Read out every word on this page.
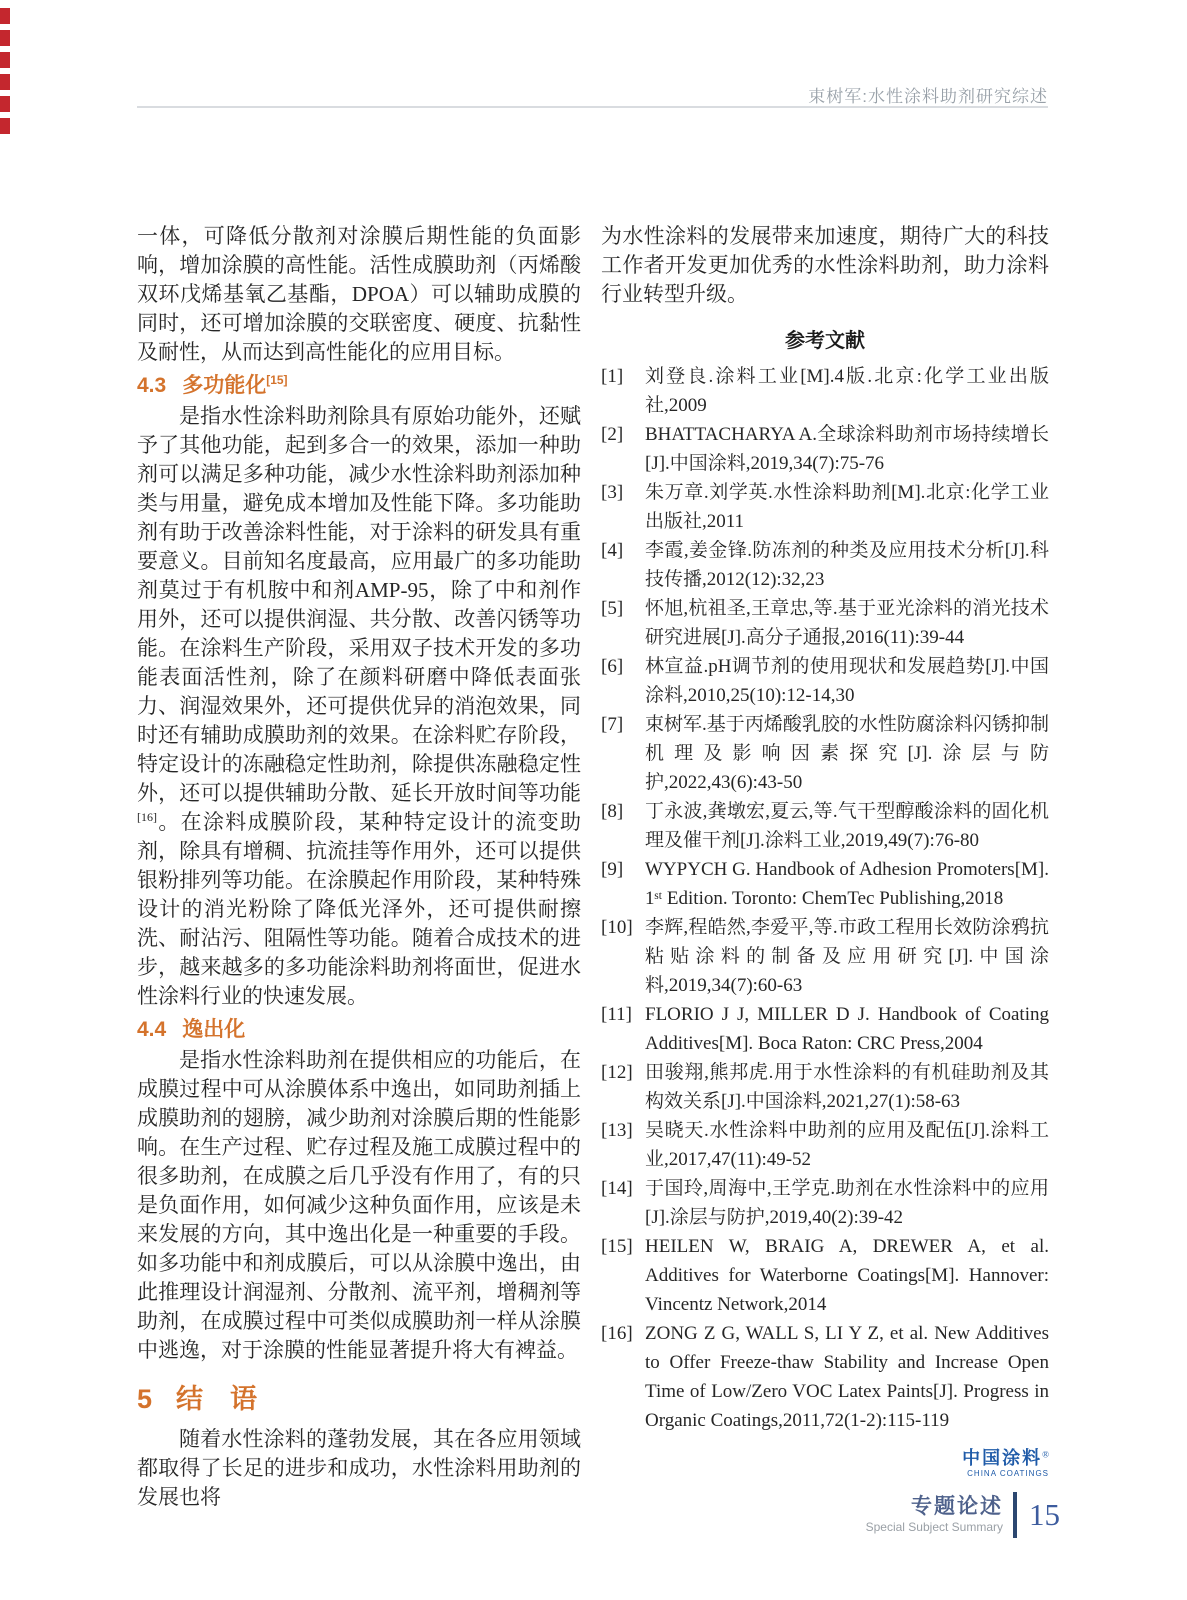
束树军:水性涂料助剂研究综述

一体，可降低分散剂对涂膜后期性能的负面影响，增加涂膜的高性能。活性成膜助剂（丙烯酸双环戊烯基氧乙基酯，DPOA）可以辅助成膜的同时，还可增加涂膜的交联密度、硬度、抗黏性及耐性，从而达到高性能化的应用目标。

4.3 多功能化[15]

是指水性涂料助剂除具有原始功能外，还赋予了其他功能，起到多合一的效果，添加一种助剂可以满足多种功能，减少水性涂料助剂添加种类与用量，避免成本增加及性能下降。多功能助剂有助于改善涂料性能，对于涂料的研发具有重要意义。目前知名度最高，应用最广的多功能助剂莫过于有机胺中和剂AMP-95，除了中和剂作用外，还可以提供润湿、共分散、改善闪锈等功能。在涂料生产阶段，采用双子技术开发的多功能表面活性剂，除了在颜料研磨中降低表面张力、润湿效果外，还可提供优异的消泡效果，同时还有辅助成膜助剂的效果。在涂料贮存阶段，特定设计的冻融稳定性助剂，除提供冻融稳定性外，还可以提供辅助分散、延长开放时间等功能[16]。在涂料成膜阶段，某种特定设计的流变助剂，除具有增稠、抗流挂等作用外，还可以提供银粉排列等功能。在涂膜起作用阶段，某种特殊设计的消光粉除了降低光泽外，还可提供耐擦洗、耐沾污、阻隔性等功能。随着合成技术的进步，越来越多的多功能涂料助剂将面世，促进水性涂料行业的快速发展。

4.4 逸出化

是指水性涂料助剂在提供相应的功能后，在成膜过程中可从涂膜体系中逸出，如同助剂插上成膜助剂的翅膀，减少助剂对涂膜后期的性能影响。在生产过程、贮存过程及施工成膜过程中的很多助剂，在成膜之后几乎没有作用了，有的只是负面作用，如何减少这种负面作用，应该是未来发展的方向，其中逸出化是一种重要的手段。如多功能中和剂成膜后，可以从涂膜中逸出，由此推理设计润湿剂、分散剂、流平剂，增稠剂等助剂，在成膜过程中可类似成膜助剂一样从涂膜中逃逸，对于涂膜的性能显著提升将大有裨益。

5 结　语

随着水性涂料的蓬勃发展，其在各应用领域都取得了长足的进步和成功，水性涂料用助剂的发展也将

为水性涂料的发展带来加速度，期待广大的科技工作者开发更加优秀的水性涂料助剂，助力涂料行业转型升级。

参考文献
[1]	刘登良.涂料工业[M].4版.北京:化学工业出版社,2009
[2]	BHATTACHARYA A.全球涂料助剂市场持续增长[J].中国涂料,2019,34(7):75-76
[3]	朱万章.刘学英.水性涂料助剂[M].北京:化学工业出版社,2011
[4]	李霞,姜金锋.防冻剂的种类及应用技术分析[J].科技传播,2012(12):32,23
[5]	怀旭,杭祖圣,王章忠,等.基于亚光涂料的消光技术研究进展[J].高分子通报,2016(11):39-44
[6]	林宣益.pH调节剂的使用现状和发展趋势[J].中国涂料,2010,25(10):12-14,30
[7]	束树军.基于丙烯酸乳胶的水性防腐涂料闪锈抑制机理及影响因素探究[J].涂层与防护,2022,43(6):43-50
[8]	丁永波,龚墩宏,夏云,等.气干型醇酸涂料的固化机理及催干剂[J].涂料工业,2019,49(7):76-80
[9]	WYPYCH G. Handbook of Adhesion Promoters[M]. 1ˢᵗ Edition. Toronto: ChemTec Publishing,2018
[10] 李辉,程皓然,李爱平,等.市政工程用长效防涂鸦抗粘贴涂料的制备及应用研究[J].中国涂料,2019,34(7):60-63
[11] FLORIO J J, MILLER D J. Handbook of Coating Additives[M]. Boca Raton: CRC Press,2004
[12] 田骏翔,熊邦虎.用于水性涂料的有机硅助剂及其构效关系[J].中国涂料,2021,27(1):58-63
[13] 吴晓天.水性涂料中助剂的应用及配伍[J].涂料工业,2017,47(11):49-52
[14] 于国玲,周海中,王学克.助剂在水性涂料中的应用[J].涂层与防护,2019,40(2):39-42
[15] HEILEN W, BRAIG A, DREWER A, et al. Additives for Waterborne Coatings[M]. Hannover: Vincentz Network,2014
[16] ZONG Z G, WALL S, LI Y Z, et al. New Additives to Offer Freeze-thaw Stability and Increase Open Time of Low/Zero VOC Latex Paints[J]. Progress in Organic Coatings,2011,72(1-2):115-119
中国涂料®
CHINA COATINGS
专题论述
Special Subject Summary 15
